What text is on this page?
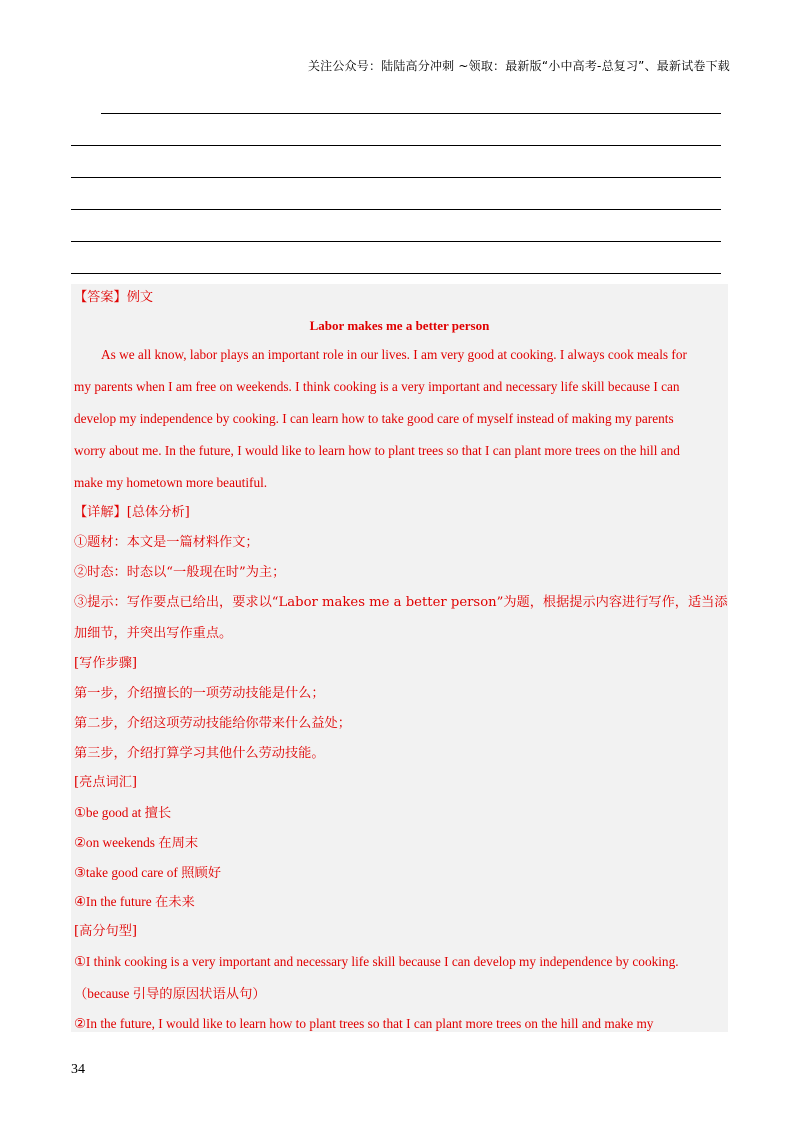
关注公众号：陆陆高分冲刺 ~领取：最新版“小中高考-总复习”、最新试卷下载
【答案】例文
Labor makes me a better person
As we all know, labor plays an important role in our lives. I am very good at cooking. I always cook meals for
my parents when I am free on weekends. I think cooking is a very important and necessary life skill because I can
develop my independence by cooking. I can learn how to take good care of myself instead of making my parents
worry about me. In the future, I would like to learn how to plant trees so that I can plant more trees on the hill and
make my hometown more beautiful.
【详解】[总体分析]
①题材：本文是一篇材料作文；
②时态：时态以“一般现在时”为主；
③提示：写作要点已给出，要求以“Labor makes me a better person”为题，根据提示内容进行写作，适当添
加细节，并突出写作重点。
[写作步骤]
第一步，介绍擅长的一项劳动技能是什么；
第二步，介绍这项劳动技能给你带来什么益处；
第三步，介绍打算学习其他什么劳动技能。
[亮点词汇]
①be good at 擅长
②on weekends 在周末
③take good care of 照顾好
④In the future 在未来
[高分句型]
①I think cooking is a very important and necessary life skill because I can develop my independence by cooking.
（because 引导的原因状语从句）
②In the future, I would like to learn how to plant trees so that I can plant more trees on the hill and make my
34
